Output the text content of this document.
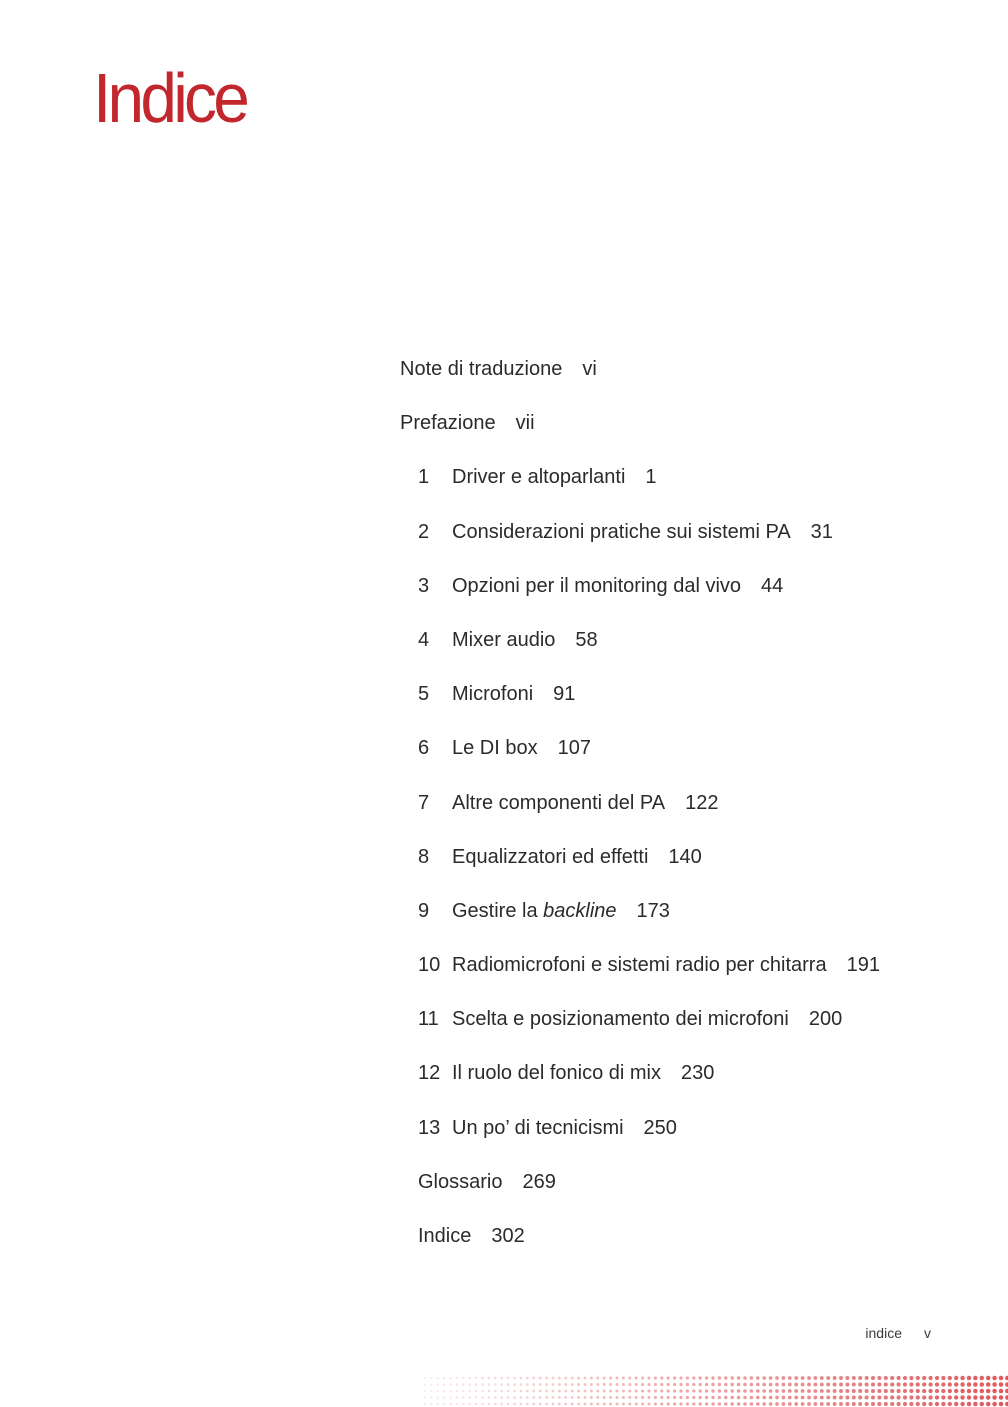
Indice
Note di traduzione vi
Prefazione vii
1 Driver e altoparlanti 1
2 Considerazioni pratiche sui sistemi PA 31
3 Opzioni per il monitoring dal vivo 44
4 Mixer audio 58
5 Microfoni 91
6 Le DI box 107
7 Altre componenti del PA 122
8 Equalizzatori ed effetti 140
9 Gestire la backline 173
10 Radiomicrofoni e sistemi radio per chitarra 191
11 Scelta e posizionamento dei microfoni 200
12 Il ruolo del fonico di mix 230
13 Un po’ di tecnicismi 250
Glossario 269
Indice 302
indice v
